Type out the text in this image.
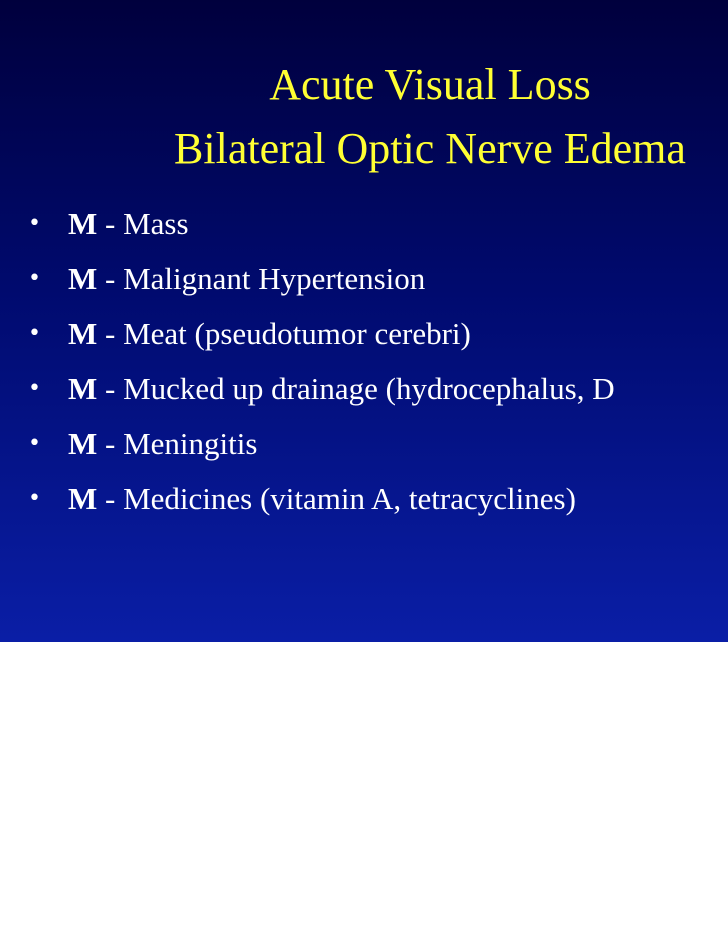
Acute Visual Loss
Bilateral Optic Nerve Edema
• M - Mass
• M - Malignant Hypertension
• M - Meat (pseudotumor cerebri)
• M - Mucked up drainage (hydrocephalus, D
• M - Meningitis
• M - Medicines (vitamin A, tetracyclines)
